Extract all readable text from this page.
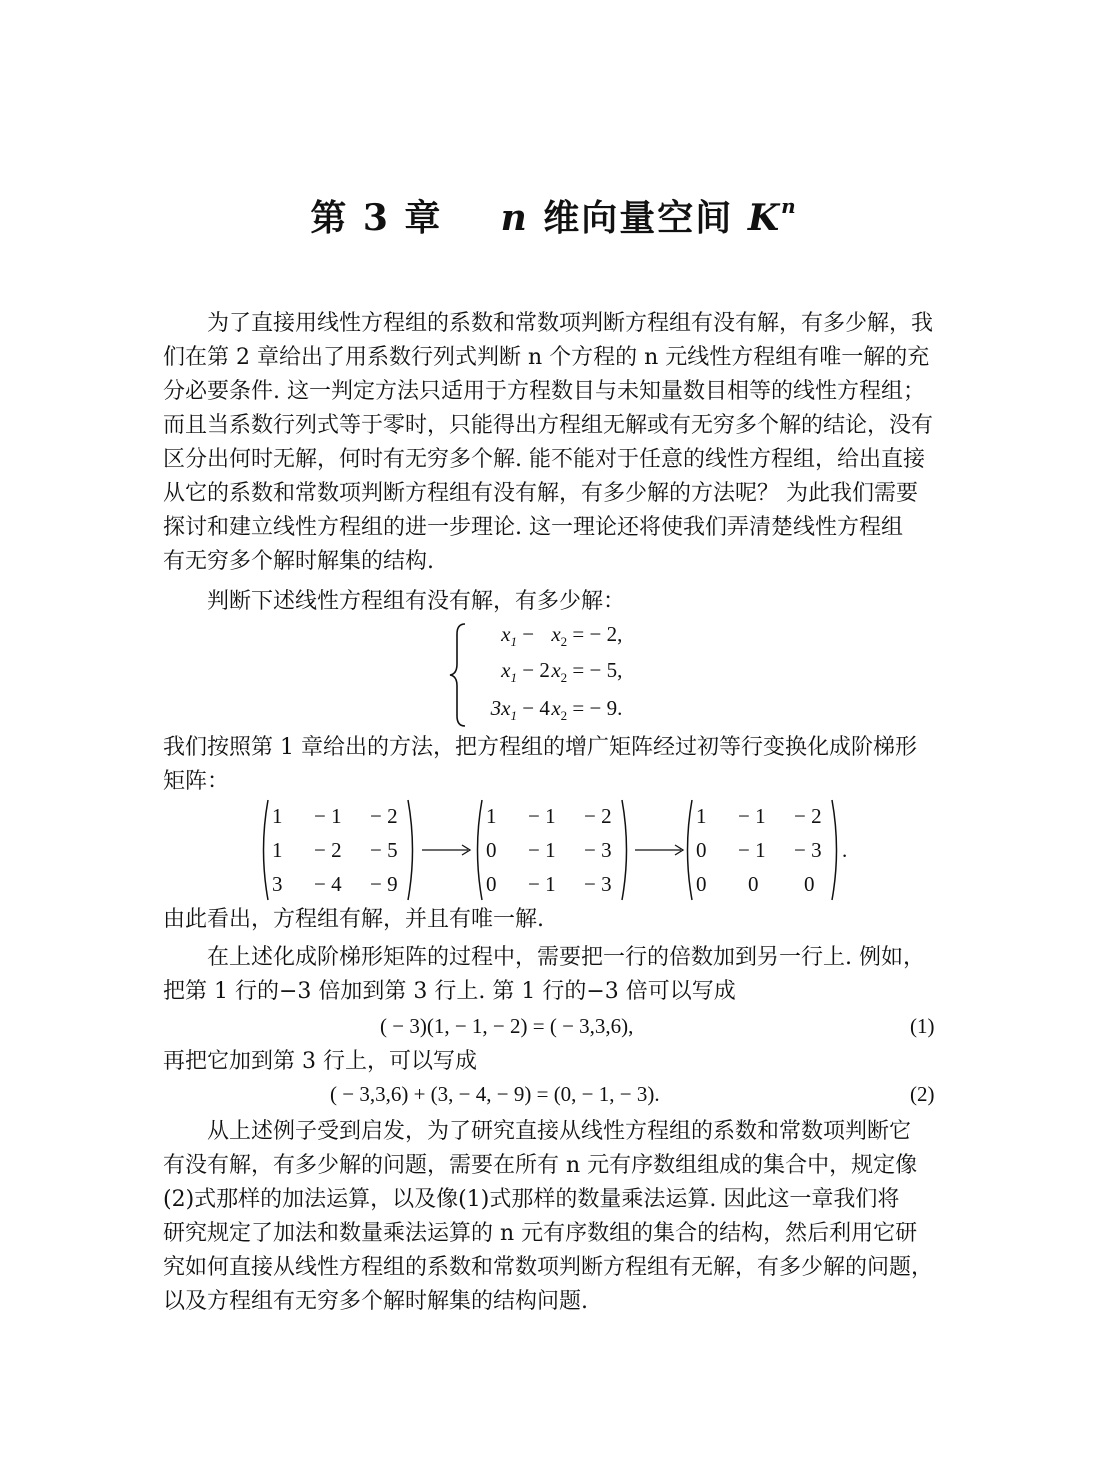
第 3 章 n 维向量空间 $K^n$
为了直接用线性方程组的系数和常数项判断方程组有没有解，有多少解，我
们在第 2 章给出了用系数行列式判断 n 个方程的 n 元线性方程组有唯一解的充
分必要条件. 这一判定方法只适用于方程数目与未知量数目相等的线性方程组；
而且当系数行列式等于零时，只能得出方程组无解或有无穷多个解的结论，没有
区分出何时无解，何时有无穷多个解. 能不能对于任意的线性方程组，给出直接
从它的系数和常数项判断方程组有没有解，有多少解的方法呢？ 为此我们需要
探讨和建立线性方程组的进一步理论. 这一理论还将使我们弄清楚线性方程组
有无穷多个解时解集的结构.
判断下述线性方程组有没有解，有多少解：
$x_1 - x_2$ = − 2,
$x_1 - 2x_2$ = − 5,
$3x_1 - 4x_2$ = − 9.
我们按照第 1 章给出的方法，把方程组的增广矩阵经过初等行变换化成阶梯形
矩阵：
1 − 1 − 2
1 − 2 − 5
3 − 4 − 9
1 − 1 − 2
0 − 1 − 3
0 − 1 − 3
1 − 1 − 2
0 − 1 − 3
0 0 0
.
由此看出，方程组有解，并且有唯一解.
在上述化成阶梯形矩阵的过程中，需要把一行的倍数加到另一行上. 例如，
把第 1 行的−3 倍加到第 3 行上. 第 1 行的−3 倍可以写成
( − 3)(1, − 1, − 2) = ( − 3,3,6),	(1)
再把它加到第 3 行上，可以写成
( − 3,3,6) + (3, − 4, − 9) = (0, − 1, − 3).	(2)
从上述例子受到启发，为了研究直接从线性方程组的系数和常数项判断它
有没有解，有多少解的问题，需要在所有 n 元有序数组组成的集合中，规定像
(2)式那样的加法运算，以及像(1)式那样的数量乘法运算. 因此这一章我们将
研究规定了加法和数量乘法运算的 n 元有序数组的集合的结构，然后利用它研
究如何直接从线性方程组的系数和常数项判断方程组有无解，有多少解的问题，
以及方程组有无穷多个解时解集的结构问题.
